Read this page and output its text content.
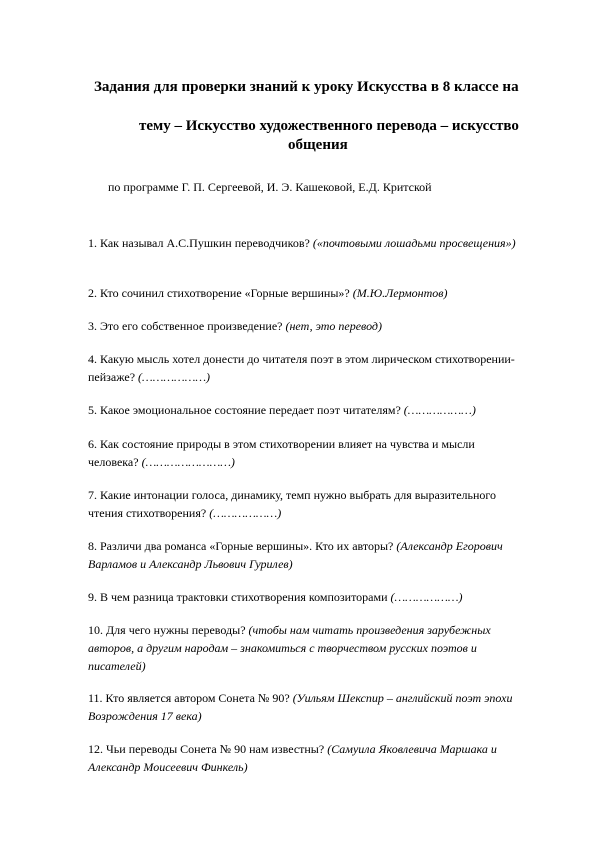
Задания для проверки знаний к уроку Искусства в 8 классе на
тему – Искусство художественного перевода – искусство
общения
по программе Г. П. Сергеевой, И. Э. Кашековой, Е.Д. Критской
1. Как называл А.С.Пушкин переводчиков? («почтовыми лошадьми просвещения»)
2. Кто сочинил стихотворение «Горные вершины»? (М.Ю.Лермонтов)
3. Это его собственное произведение? (нет, это перевод)
4. Какую мысль хотел донести до читателя поэт в этом лирическом стихотворении-пейзаже? (………………)
5. Какое эмоциональное состояние передает поэт читателям? (………………)
6. Как состояние природы в этом стихотворении влияет на чувства и мысли человека? (……………………)
7. Какие интонации голоса, динамику, темп нужно выбрать для выразительного чтения стихотворения? (………………)
8. Различи два романса «Горные вершины». Кто их авторы? (Александр Егорович Варламов и Александр Львович Гурилев)
9. В чем разница трактовки стихотворения композиторами (………………)
10. Для чего нужны переводы? (чтобы нам читать произведения зарубежных авторов, а другим народам – знакомиться с творчеством русских поэтов и писателей)
11. Кто является автором Сонета № 90? (Уильям Шекспир – английский поэт эпохи Возрождения 17 века)
12. Чьи переводы Сонета № 90 нам известны? (Самуила Яковлевича Маршака и Александр Моисеевич Финкель)
